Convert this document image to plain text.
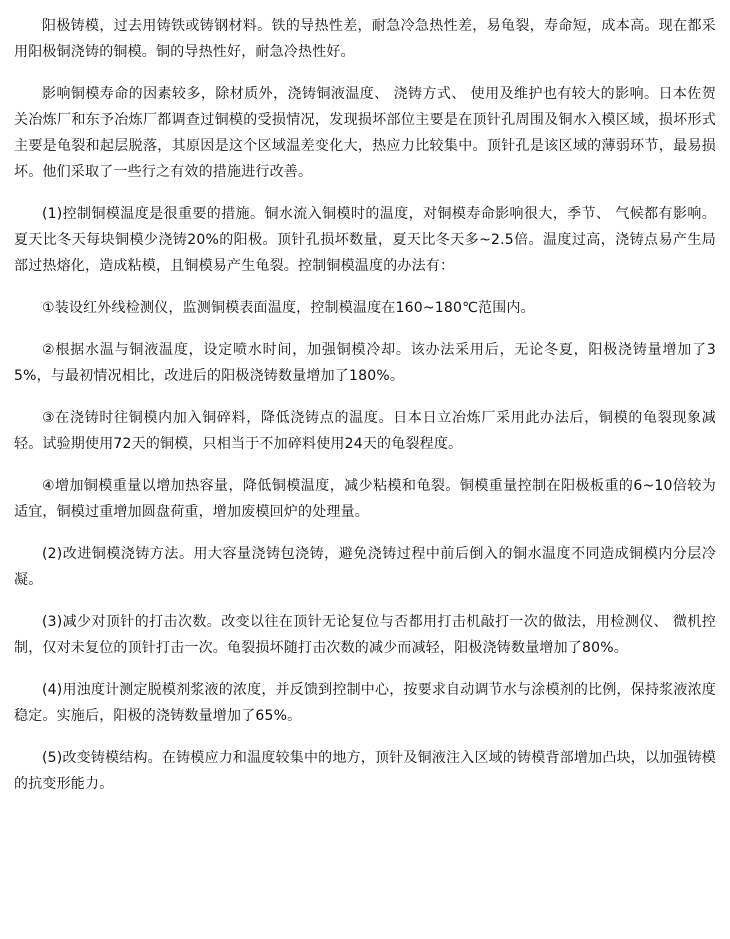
阳极铸模，过去用铸铁或铸钢材料。铁的导热性差，耐急冷急热性差，易龟裂，寿命短，成本高。现在都采用阳极铜浇铸的铜模。铜的导热性好，耐急冷热性好。

影响铜模寿命的因素较多，除材质外，浇铸铜液温度、 浇铸方式、 使用及维护也有较大的影响。日本佐贺关冶炼厂和东予冶炼厂都调查过铜模的受损情况，发现损坏部位主要是在顶针孔周围及铜水入模区域，损坏形式主要是龟裂和起层脱落，其原因是这个区域温差变化大，热应力比较集中。顶针孔是该区域的薄弱环节，最易损坏。他们采取了一些行之有效的措施进行改善。

(1)控制铜模温度是很重要的措施。铜水流入铜模时的温度，对铜模寿命影响很大，季节、 气候都有影响。夏天比冬天每块铜模少浇铸20%的阳极。顶针孔损坏数量，夏天比冬天多~2.5倍。温度过高，浇铸点易产生局部过热熔化，造成粘模，且铜模易产生龟裂。控制铜模温度的办法有：

①装设红外线检测仪，监测铜模表面温度，控制模温度在160~180℃范围内。

②根据水温与铜液温度，设定喷水时间，加强铜模冷却。该办法采用后，无论冬夏，阳极浇铸量增加了35%，与最初情况相比，改进后的阳极浇铸数量增加了180%。

③在浇铸时往铜模内加入铜碎料，降低浇铸点的温度。日本日立冶炼厂采用此办法后，铜模的龟裂现象减轻。试验期使用72天的铜模，只相当于不加碎料使用24天的龟裂程度。

④增加铜模重量以增加热容量，降低铜模温度，减少粘模和龟裂。铜模重量控制在阳极板重的6~10倍较为适宜，铜模过重增加圆盘荷重，增加废模回炉的处理量。

(2)改进铜模浇铸方法。用大容量浇铸包浇铸，避免浇铸过程中前后倒入的铜水温度不同造成铜模内分层冷凝。

(3)减少对顶针的打击次数。改变以往在顶针无论复位与否都用打击机敲打一次的做法，用检测仪、 微机控制，仅对未复位的顶针打击一次。龟裂损坏随打击次数的减少而减轻，阳极浇铸数量增加了80%。

(4)用浊度计测定脱模剂浆液的浓度，并反馈到控制中心，按要求自动调节水与涂模剂的比例，保持浆液浓度稳定。实施后，阳极的浇铸数量增加了65%。

(5)改变铸模结构。在铸模应力和温度较集中的地方，顶针及铜液注入区域的铸模背部增加凸块，以加强铸模的抗变形能力。
